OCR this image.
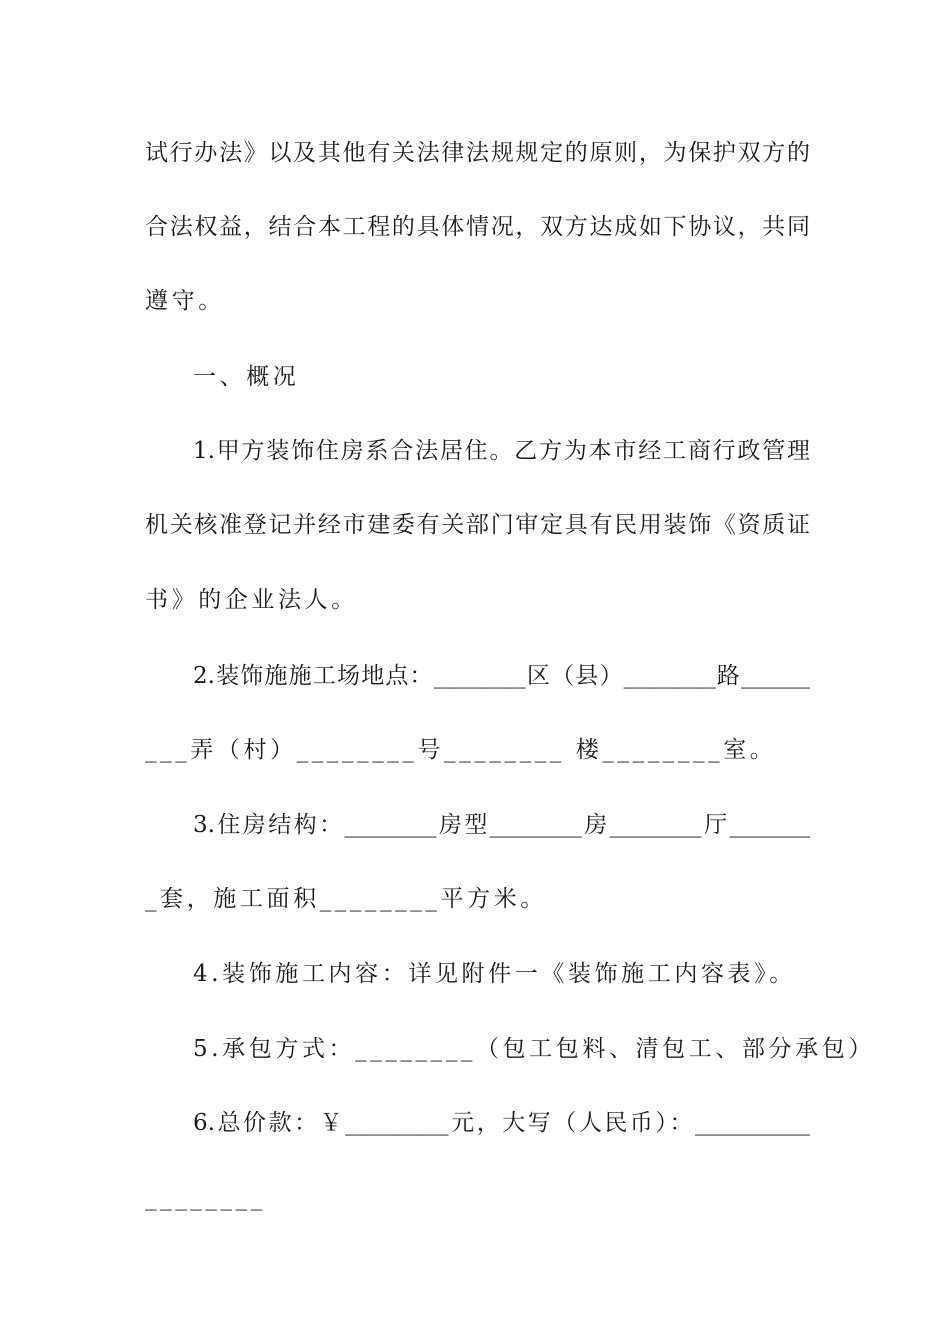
试行办法》以及其他有关法律法规规定的原则，为保护双方的
合法权益，结合本工程的具体情况，双方达成如下协议，共同
遵守。
一、概况
1.甲方装饰住房系合法居住。乙方为本市经工商行政管理
机关核准登记并经市建委有关部门审定具有民用装饰《资质证
书》的企业法人。
2.装饰施施工场地点：________区（县）________路______
___弄（村）________号________ 楼________室。
3.住房结构：________房型________房________厅_______
_套，施工面积________平方米。
4.装饰施工内容：详见附件一《装饰施工内容表》。
5.承包方式：________（包工包料、清包工、部分承包）
6.总价款：￥_________元，大写（人民币）：__________
________
